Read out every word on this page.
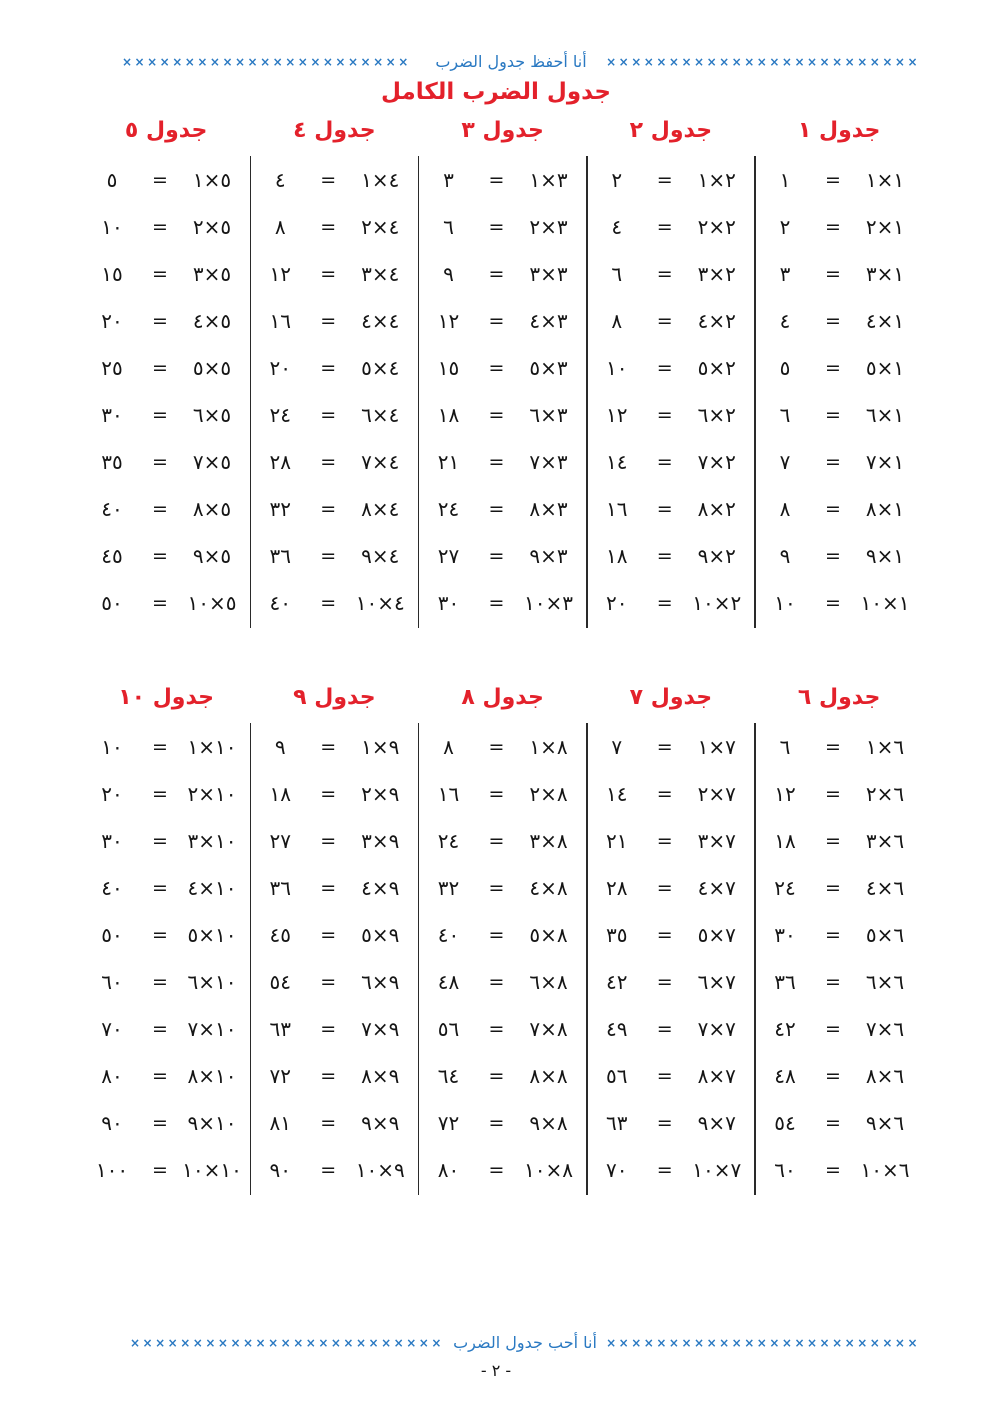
×××××××××××××××××××××××	أنا أحفظ جدول الضرب	×××××××××××××××××××××××××
جدول الضرب الكامل
جدول ١
١	=	١×١
٢	=	٢×١
٣	=	٣×١
٤	=	٤×١
٥	=	٥×١
٦	=	٦×١
٧	=	٧×١
٨	=	٨×١
٩	=	٩×١
١٠	= ١٠×١
جدول ٢
٢	=	١×٢
٤	=	٢×٢
٦	=	٣×٢
٨	=	٤×٢
١٠	=	٥×٢
١٢	=	٦×٢
١٤	=	٧×٢
١٦	=	٨×٢
١٨	=	٩×٢
٢٠	= ١٠×٢
جدول ٣
٣	=	١×٣
٦	=	٢×٣
٩	=	٣×٣
١٢	=	٤×٣
١٥	=	٥×٣
١٨	=	٦×٣
٢١	=	٧×٣
٢٤	=	٨×٣
٢٧	=	٩×٣
٣٠	= ١٠×٣
جدول ٤
٤	=	١×٤
٨	=	٢×٤
١٢	=	٣×٤
١٦	=	٤×٤
٢٠	=	٥×٤
٢٤	=	٦×٤
٢٨	=	٧×٤
٣٢	=	٨×٤
٣٦	=	٩×٤
٤٠	= ١٠×٤
جدول ٥
٥	=	١×٥
١٠	=	٢×٥
١٥	=	٣×٥
٢٠	=	٤×٥
٢٥	=	٥×٥
٣٠	=	٦×٥
٣٥	=	٧×٥
٤٠	=	٨×٥
٤٥	=	٩×٥
٥٠	= ١٠×٥
جدول ٦
٦	=	١×٦
١٢	=	٢×٦
١٨	=	٣×٦
٢٤	=	٤×٦
٣٠	=	٥×٦
٣٦	=	٦×٦
٤٢	=	٧×٦
٤٨	=	٨×٦
٥٤	=	٩×٦
٦٠	= ١٠×٦
جدول ٧
٧	=	١×٧
١٤	=	٢×٧
٢١	=	٣×٧
٢٨	=	٤×٧
٣٥	=	٥×٧
٤٢	=	٦×٧
٤٩	=	٧×٧
٥٦	=	٨×٧
٦٣	=	٩×٧
٧٠	= ١٠×٧
جدول ٨
٨	=	١×٨
١٦	=	٢×٨
٢٤	=	٣×٨
٣٢	=	٤×٨
٤٠	=	٥×٨
٤٨	=	٦×٨
٥٦	=	٧×٨
٦٤	=	٨×٨
٧٢	=	٩×٨
٨٠	= ١٠×٨
جدول ٩
٩	=	١×٩
١٨	=	٢×٩
٢٧	=	٣×٩
٣٦	=	٤×٩
٤٥	=	٥×٩
٥٤	=	٦×٩
٦٣	=	٧×٩
٧٢	=	٨×٩
٨١	=	٩×٩
٩٠	= ١٠×٩
جدول ١٠
١٠	= ١×١٠
٢٠	= ٢×١٠
٣٠	= ٣×١٠
٤٠	= ٤×١٠
٥٠	= ٥×١٠
٦٠	= ٦×١٠
٧٠	= ٧×١٠
٨٠	= ٨×١٠
٩٠	= ٩×١٠
١٠٠	= ١٠×١٠
××××××××××××××××××××××××× أنا أحب جدول الضرب ×××××××××××××××××××××××××
- ٢ -
